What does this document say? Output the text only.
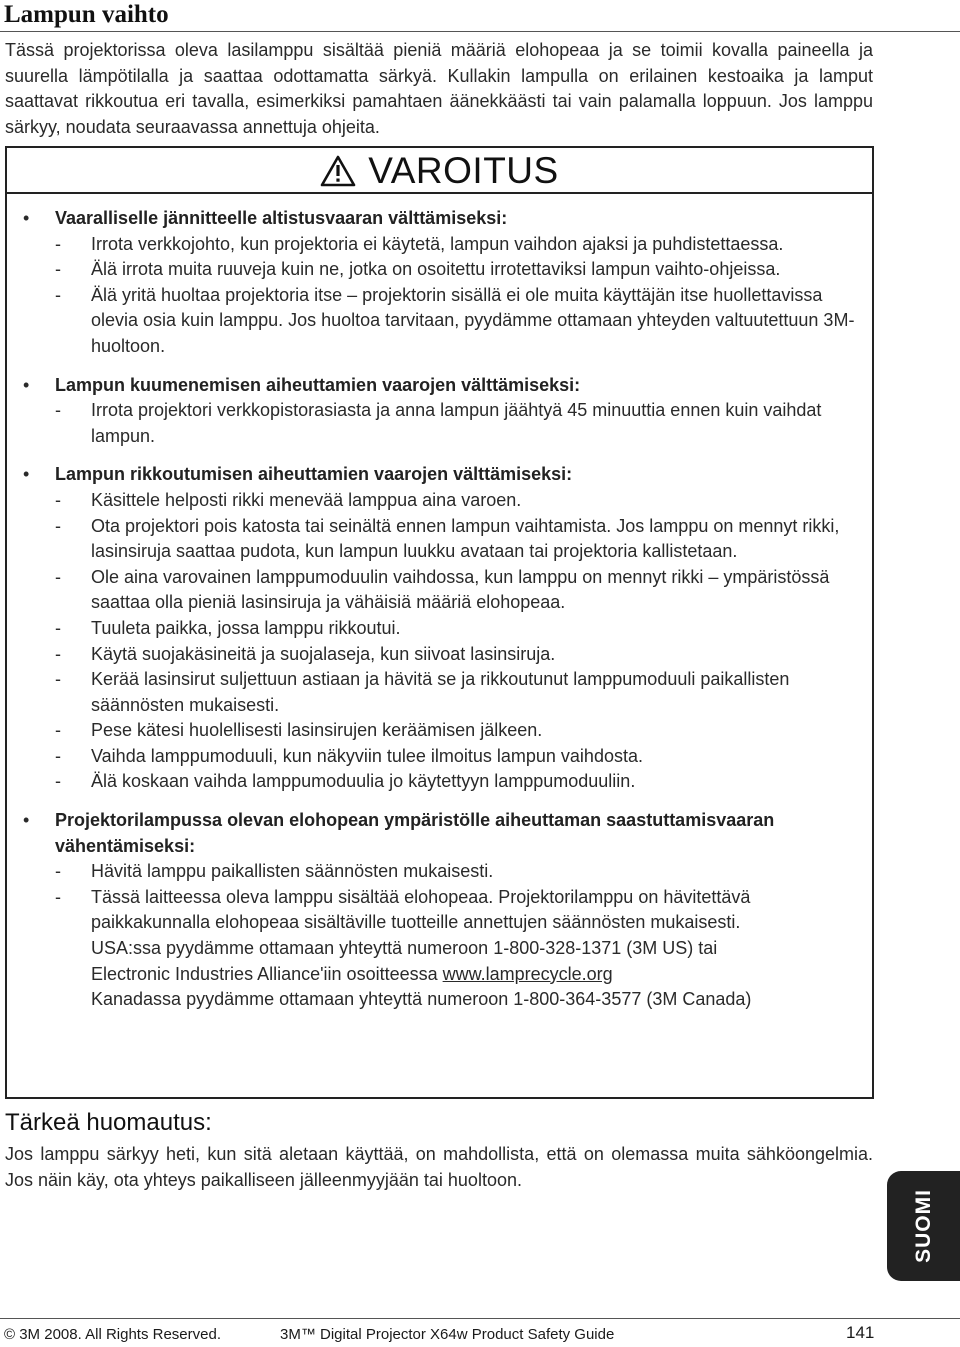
Lampun vaihto

Tässä projektorissa oleva lasilamppu sisältää pieniä määriä elohopeaa ja se toimii kovalla paineella ja suurella lämpötilalla ja saattaa odottamatta särkyä. Kullakin lampulla on erilainen kestoaika ja lamput saattavat rikkoutua eri tavalla, esimerkiksi pamahtaen äänekkäästi tai vain palamalla loppuun. Jos lamppu särkyy, noudata seuraavassa annettuja ohjeita.

VAROITUS
• Vaaralliselle jännitteelle altistusvaaran välttämiseksi:
- Irrota verkkojohto, kun projektoria ei käytetä, lampun vaihdon ajaksi ja puhdistettaessa.
- Älä irrota muita ruuveja kuin ne, jotka on osoitettu irrotettaviksi lampun vaihto-ohjeissa.
- Älä yritä huoltaa projektoria itse – projektorin sisällä ei ole muita käyttäjän itse huollettavissa olevia osia kuin lamppu. Jos huoltoa tarvitaan, pyydämme ottamaan yhteyden valtuutettuun 3M-huoltoon.
• Lampun kuumenemisen aiheuttamien vaarojen välttämiseksi:
- Irrota projektori verkkopistorasiasta ja anna lampun jäähtyä 45 minuuttia ennen kuin vaihdat lampun.
• Lampun rikkoutumisen aiheuttamien vaarojen välttämiseksi:
- Käsittele helposti rikki menevää lamppua aina varoen.
- Ota projektori pois katosta tai seinältä ennen lampun vaihtamista. Jos lamppu on mennyt rikki, lasinsiruja saattaa pudota, kun lampun luukku avataan tai projektoria kallistetaan.
- Ole aina varovainen lamppumoduulin vaihdossa, kun lamppu on mennyt rikki – ympäristössä saattaa olla pieniä lasinsiruja ja vähäisiä määriä elohopeaa.
- Tuuleta paikka, jossa lamppu rikkoutui.
- Käytä suojakäsineitä ja suojalaseja, kun siivoat lasinsiruja.
- Kerää lasinsirut suljettuun astiaan ja hävitä se ja rikkoutunut lamppumoduuli paikallisten säännösten mukaisesti.
- Pese kätesi huolellisesti lasinsirujen keräämisen jälkeen.
- Vaihda lamppumoduuli, kun näkyviin tulee ilmoitus lampun vaihdosta.
- Älä koskaan vaihda lamppumoduulia jo käytettyyn lamppumoduuliin.
• Projektorilampussa olevan elohopean ympäristölle aiheuttaman saastuttamisvaaran vähentämiseksi:
- Hävitä lamppu paikallisten säännösten mukaisesti.
- Tässä laitteessa oleva lamppu sisältää elohopeaa. Projektorilamppu on hävitettävä paikkakunnalla elohopeaa sisältäville tuotteille annettujen säännösten mukaisesti.
USA:ssa pyydämme ottamaan yhteyttä numeroon 1-800-328-1371 (3M US) tai
Electronic Industries Alliance'iin osoitteessa www.lamprecycle.org
Kanadassa pyydämme ottamaan yhteyttä numeroon 1-800-364-3577 (3M Canada)
Tärkeä huomautus:

Jos lamppu särkyy heti, kun sitä aletaan käyttää, on mahdollista, että on olemassa muita sähköongelmia. Jos näin käy, ota yhteys paikalliseen jälleenmyyjään tai huoltoon.

SUOMI
© 3M 2008. All Rights Reserved.	3M™ Digital Projector X64w Product Safety Guide	141
